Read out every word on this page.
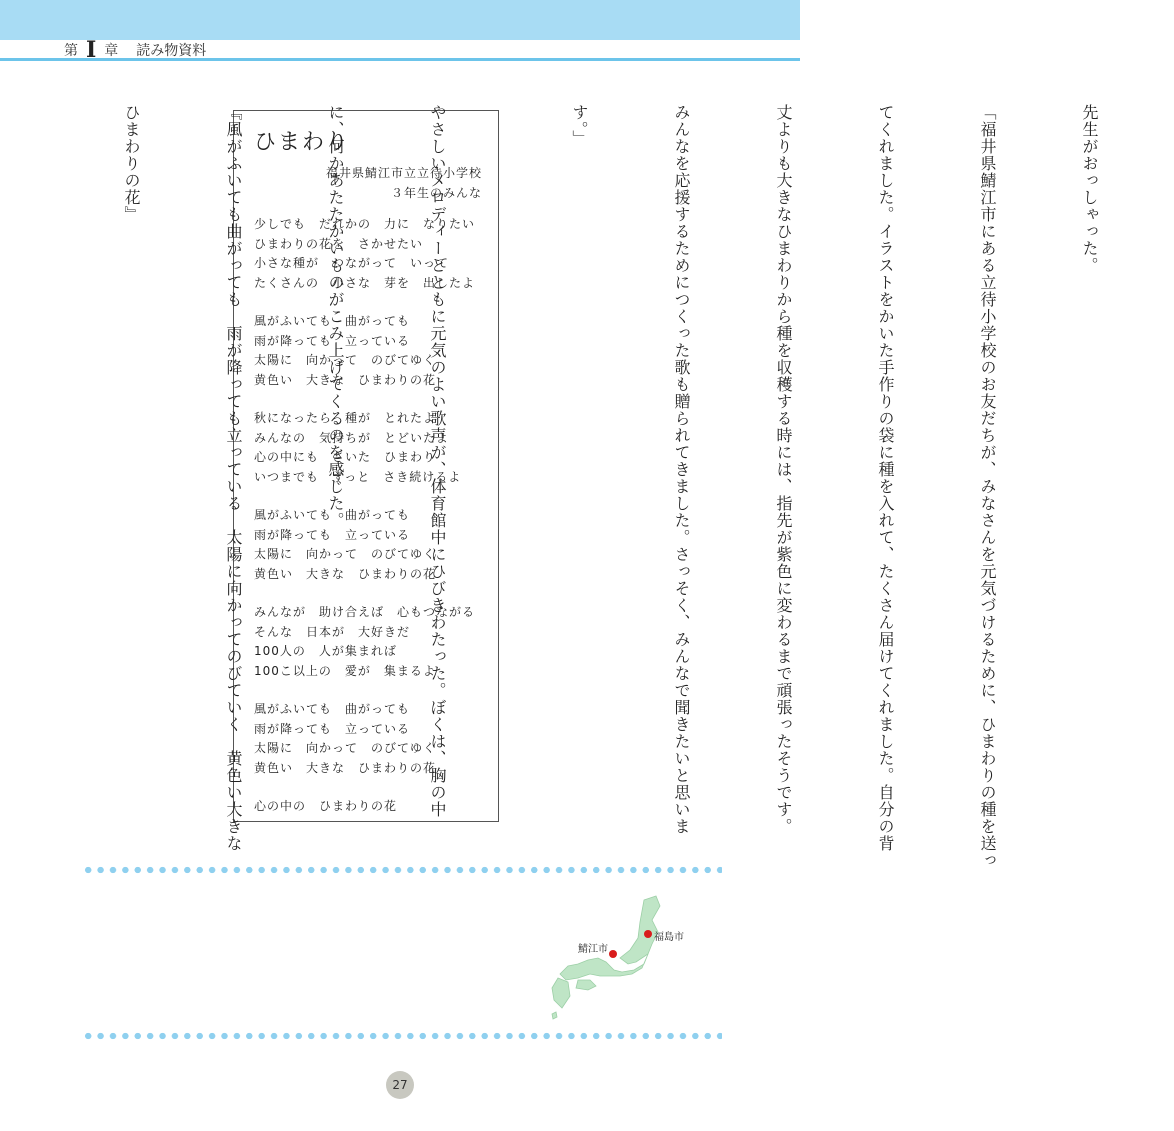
第 I 章 読み物資料

先生がおっしゃった。

「福井県鯖江市にある立待小学校のお友だちが、みなさんを元気づけるために、ひまわりの種を送っ

てくれました。イラストをかいた手作りの袋に種を入れて、たくさん届けてくれました。自分の背

丈よりも大きなひまわりから種を収穫する時には、指先が紫色に変わるまで頑張ったそうです。

みんなを応援するためにつくった歌も贈られてきました。さっそく、みんなで聞きたいと思いま

す。」

ひまわり
福井県鯖江市立立待小学校
３年生のみんな
少しでも　だれかの　力に　なりたい
ひまわりの花を　さかせたい
小さな種が　つながって　いって
たくさんの　小さな　芽を　出したよ
風がふいても　曲がっても
雨が降っても　立っている
太陽に　向かって　のびてゆく
黄色い　大きな　ひまわりの花
秋になったら　種が　とれたよ
みんなの　気持ちが　とどいたよ
心の中にも　さいた　ひまわり
いつまでも　ずっと　さき続けるよ
風がふいても　曲がっても
雨が降っても　立っている
太陽に　向かって　のびてゆく
黄色い　大きな　ひまわりの花
みんなが　助け合えば　心もつながる
そんな　日本が　大好きだ
100人の　人が集まれば
100こ以上の　愛が　集まるよ
風がふいても　曲がっても
雨が降っても　立っている
太陽に　向かって　のびてゆく
黄色い　大きな　ひまわりの花
心の中の　ひまわりの花

	やさしいメロディーとともに元気のよい歌声が、体育館中にひびきわたった。ぼくは、胸の中

に、何かあたたかいものがこみ上げてくるのを感じた。

『風がふいても曲がっても　雨が降っても立っている　太陽に向かってのびていく　黄色い大きな

ひまわりの花』

鯖江市
福島市
27
